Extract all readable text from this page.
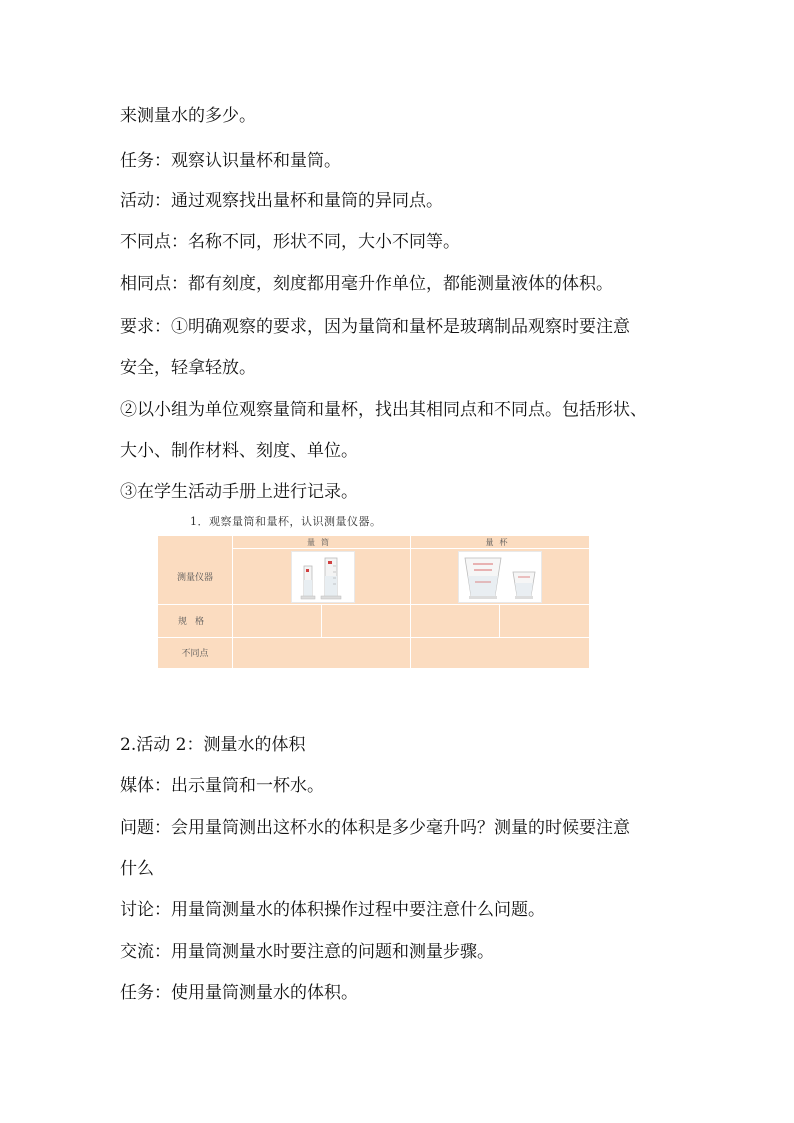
来测量水的多少。
任务：观察认识量杯和量筒。
活动：通过观察找出量杯和量筒的异同点。
不同点：名称不同，形状不同，大小不同等。
相同点：都有刻度，刻度都用毫升作单位，都能测量液体的体积。
要求：①明确观察的要求，因为量筒和量杯是玻璃制品观察时要注意
安全，轻拿轻放。
②以小组为单位观察量筒和量杯，找出其相同点和不同点。包括形状、
大小、制作材料、刻度、单位。
③在学生活动手册上进行记录。
1．观察量筒和量杯，认识测量仪器。
量筒	量杯
测量仪器
规格
不同点
2.活动 2：测量水的体积
媒体：出示量筒和一杯水。
问题：会用量筒测出这杯水的体积是多少毫升吗？测量的时候要注意
什么
讨论：用量筒测量水的体积操作过程中要注意什么问题。
交流：用量筒测量水时要注意的问题和测量步骤。
任务：使用量筒测量水的体积。
